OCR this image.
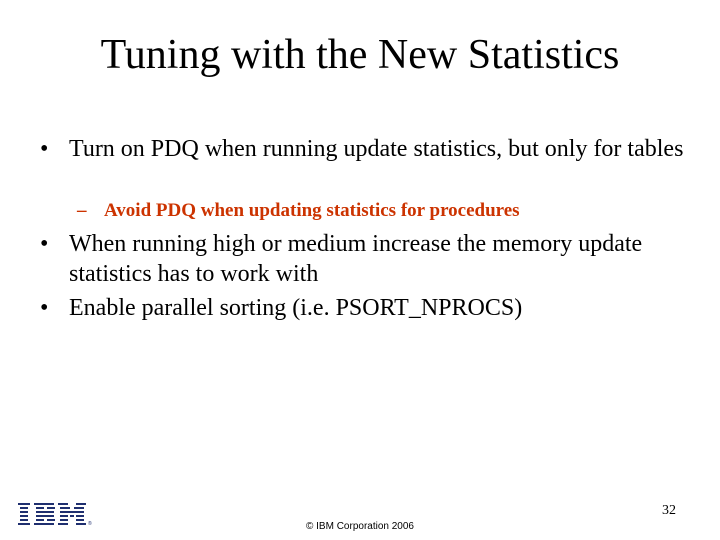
Tuning with the New Statistics
• Turn on PDQ when running update statistics, but only for tables
– Avoid PDQ when updating statistics for procedures
• When running high or medium increase the memory update statistics has to work with
• Enable parallel sorting (i.e. PSORT_NPROCS)
®
32
© IBM Corporation 2006
